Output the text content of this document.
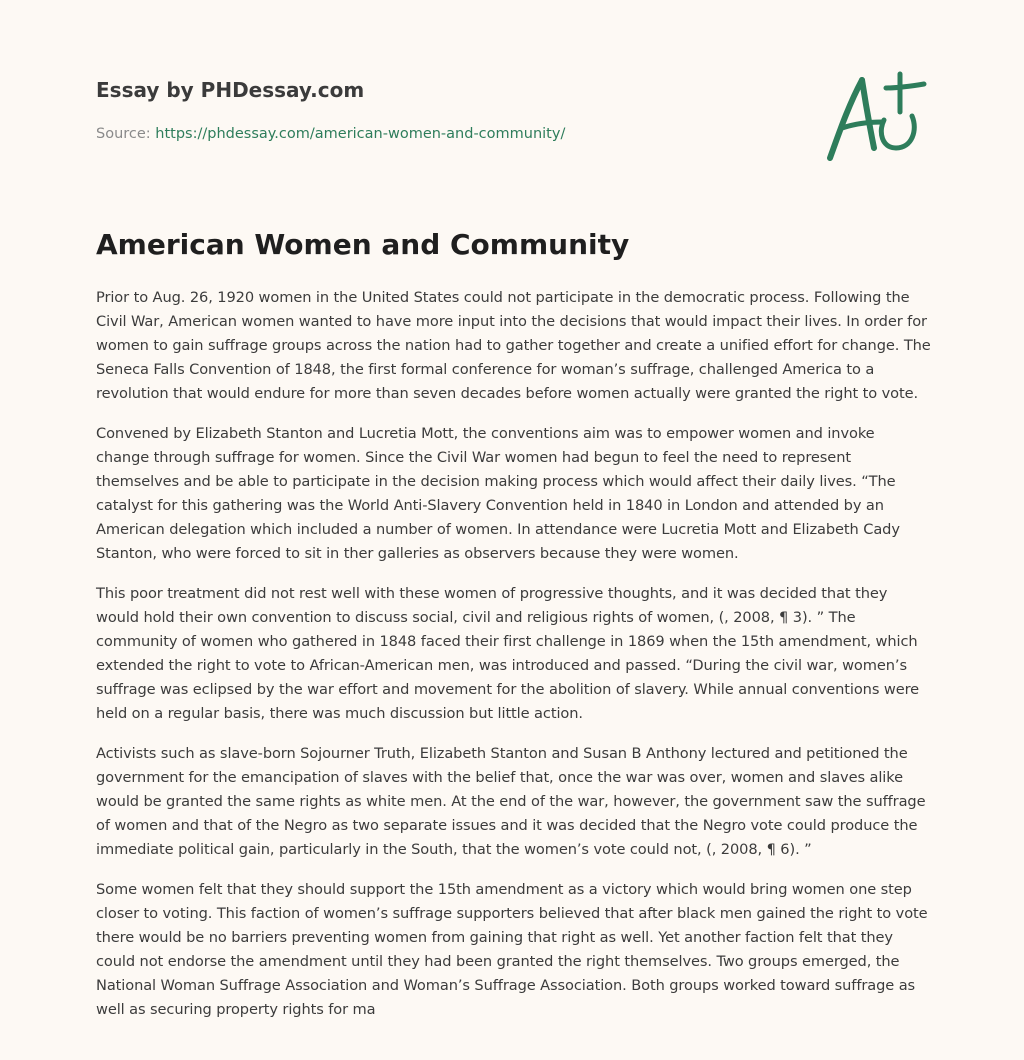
Essay by PHDessay.com
Source: https://phdessay.com/american-women-and-community/
American Women and Community

Prior to Aug. 26, 1920 women in the United States could not participate in the democratic process. Following the Civil War, American women wanted to have more input into the decisions that would impact their lives. In order for women to gain suffrage groups across the nation had to gather together and create a unified effort for change. The Seneca Falls Convention of 1848, the first formal conference for woman’s suffrage, challenged America to a revolution that would endure for more than seven decades before women actually were granted the right to vote.

Convened by Elizabeth Stanton and Lucretia Mott, the conventions aim was to empower women and invoke change through suffrage for women. Since the Civil War women had begun to feel the need to represent themselves and be able to participate in the decision making process which would affect their daily lives. “The catalyst for this gathering was the World Anti-Slavery Convention held in 1840 in London and attended by an American delegation which included a number of women. In attendance were Lucretia Mott and Elizabeth Cady Stanton, who were forced to sit in ther galleries as observers because they were women.

This poor treatment did not rest well with these women of progressive thoughts, and it was decided that they would hold their own convention to discuss social, civil and religious rights of women, (, 2008, ¶ 3). ” The community of women who gathered in 1848 faced their first challenge in 1869 when the 15th amendment, which extended the right to vote to African-American men, was introduced and passed. “During the civil war, women’s suffrage was eclipsed by the war effort and movement for the abolition of slavery. While annual conventions were held on a regular basis, there was much discussion but little action.

Activists such as slave-born Sojourner Truth, Elizabeth Stanton and Susan B Anthony lectured and petitioned the government for the emancipation of slaves with the belief that, once the war was over, women and slaves alike would be granted the same rights as white men. At the end of the war, however, the government saw the suffrage of women and that of the Negro as two separate issues and it was decided that the Negro vote could produce the immediate political gain, particularly in the South, that the women’s vote could not, (, 2008, ¶ 6). ”

Some women felt that they should support the 15th amendment as a victory which would bring women one step closer to voting. This faction of women’s suffrage supporters believed that after black men gained the right to vote there would be no barriers preventing women from gaining that right as well. Yet another faction felt that they could not endorse the amendment until they had been granted the right themselves. Two groups emerged, the National Woman Suffrage Association and Woman’s Suffrage Association. Both groups worked toward suffrage as well as securing property rights for ma
